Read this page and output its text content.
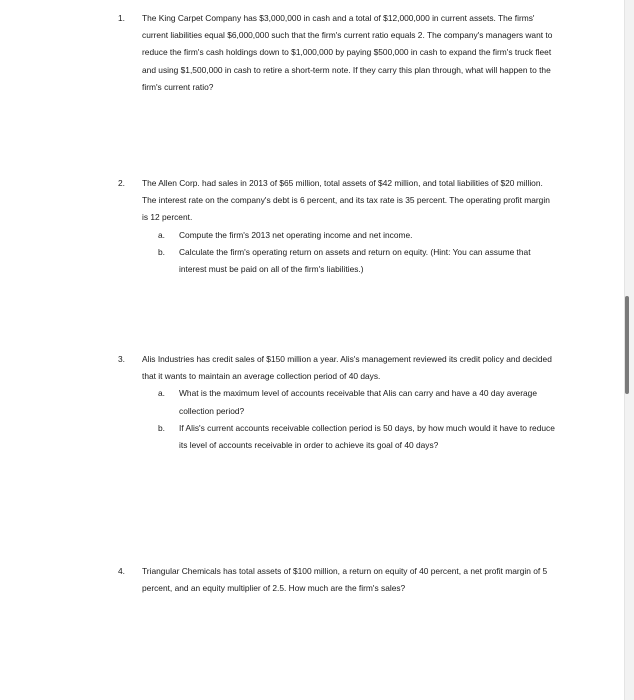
1.	The King Carpet Company has $3,000,000 in cash and a total of $12,000,000 in current assets. The firms' current liabilities equal $6,000,000 such that the firm's current ratio equals 2. The company's managers want to reduce the firm's cash holdings down to $1,000,000 by paying $500,000 in cash to expand the firm's truck fleet and using $1,500,000 in cash to retire a short-term note. If they carry this plan through, what will happen to the firm's current ratio?
2.	The Allen Corp. had sales in 2013 of $65 million, total assets of $42 million, and total liabilities of $20 million. The interest rate on the company's debt is 6 percent, and its tax rate is 35 percent. The operating profit margin is 12 percent.
a. Compute the firm's 2013 net operating income and net income.
b. Calculate the firm's operating return on assets and return on equity. (Hint: You can assume that interest must be paid on all of the firm's liabilities.)
3.	Alis Industries has credit sales of $150 million a year. Alis's management reviewed its credit policy and decided that it wants to maintain an average collection period of 40 days.
a. What is the maximum level of accounts receivable that Alis can carry and have a 40 day average collection period?
b. If Alis's current accounts receivable collection period is 50 days, by how much would it have to reduce its level of accounts receivable in order to achieve its goal of 40 days?
4.	Triangular Chemicals has total assets of $100 million, a return on equity of 40 percent, a net profit margin of 5 percent, and an equity multiplier of 2.5. How much are the firm's sales?
